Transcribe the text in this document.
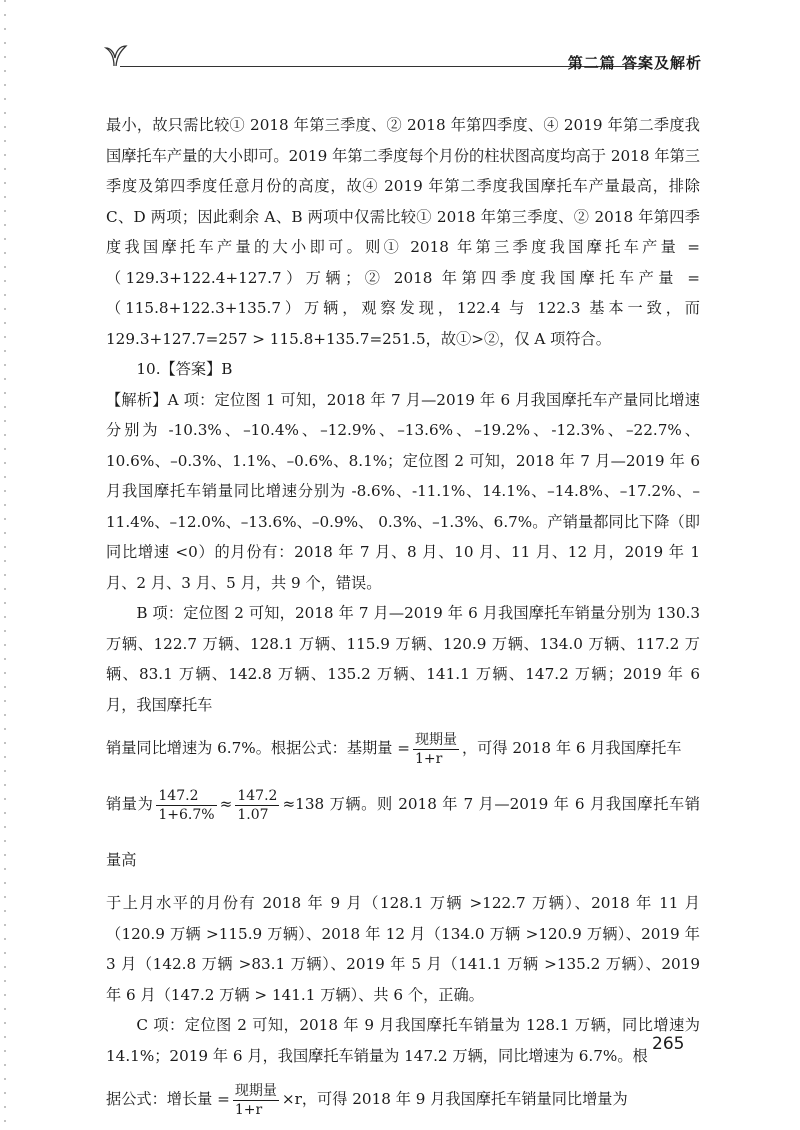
第二篇 答案及解析

最小，故只需比较① 2018 年第三季度、② 2018 年第四季度、④ 2019 年第二季度我国摩托车产量的大小即可。2019 年第二季度每个月份的柱状图高度均高于 2018 年第三季度及第四季度任意月份的高度，故④ 2019 年第二季度我国摩托车产量最高，排除 C、D 两项；因此剩余 A、B 两项中仅需比较① 2018 年第三季度、② 2018 年第四季度我国摩托车产量的大小即可。则① 2018 年第三季度我国摩托车产量 =（129.3+122.4+127.7）万辆；② 2018 年第四季度我国摩托车产量 =（115.8+122.3+135.7）万辆，观察发现，122.4 与 122.3 基本一致，而 129.3+127.7=257 > 115.8+135.7=251.5，故①>②，仅 A 项符合。

10.【答案】B

【解析】A 项：定位图 1 可知，2018 年 7 月—2019 年 6 月我国摩托车产量同比增速分别为 -10.3%、–10.4%、–12.9%、–13.6%、–19.2%、-12.3%、–22.7%、 10.6%、–0.3%、1.1%、–0.6%、8.1%；定位图 2 可知，2018 年 7 月—2019 年 6 月我国摩托车销量同比增速分别为 -8.6%、-11.1%、14.1%、–14.8%、–17.2%、–11.4%、–12.0%、–13.6%、–0.9%、 0.3%、–1.3%、6.7%。产销量都同比下降（即同比增速 <0）的月份有：2018 年 7 月、8 月、10 月、11 月、12 月，2019 年 1 月、2 月、3 月、5 月，共 9 个，错误。

B 项：定位图 2 可知，2018 年 7 月—2019 年 6 月我国摩托车销量分别为 130.3 万辆、122.7 万辆、128.1 万辆、115.9 万辆、120.9 万辆、134.0 万辆、117.2 万辆、83.1 万辆、142.8 万辆、135.2 万辆、141.1 万辆、147.2 万辆；2019 年 6 月，我国摩托车

销量同比增速为 6.7%。根据公式：基期量 = $\frac{\text{现期量}}{1+r}$ ，可得 2018 年 6 月我国摩托车
销量为 $\frac{147.2}{1+6.7\%} \approx \frac{147.2}{1.07} \approx 138$ 万辆。则 2018 年 7 月—2019 年 6 月我国摩托车销量高

于上月水平的月份有 2018 年 9 月（128.1 万辆 >122.7 万辆）、2018 年 11 月（120.9 万辆 >115.9 万辆）、2018 年 12 月（134.0 万辆 >120.9 万辆）、2019 年 3 月（142.8 万辆 >83.1 万辆）、2019 年 5 月（141.1 万辆 >135.2 万辆）、2019 年 6 月（147.2 万辆 > 141.1 万辆）、共 6 个，正确。

C 项：定位图 2 可知，2018 年 9 月我国摩托车销量为 128.1 万辆，同比增速为 14.1%；2019 年 6 月，我国摩托车销量为 147.2 万辆，同比增速为 6.7%。根

据公式：增长量 = $\frac{\text{现期量}}{1+r} \times r$，可得 2018 年 9 月我国摩托车销量同比增量为
265
